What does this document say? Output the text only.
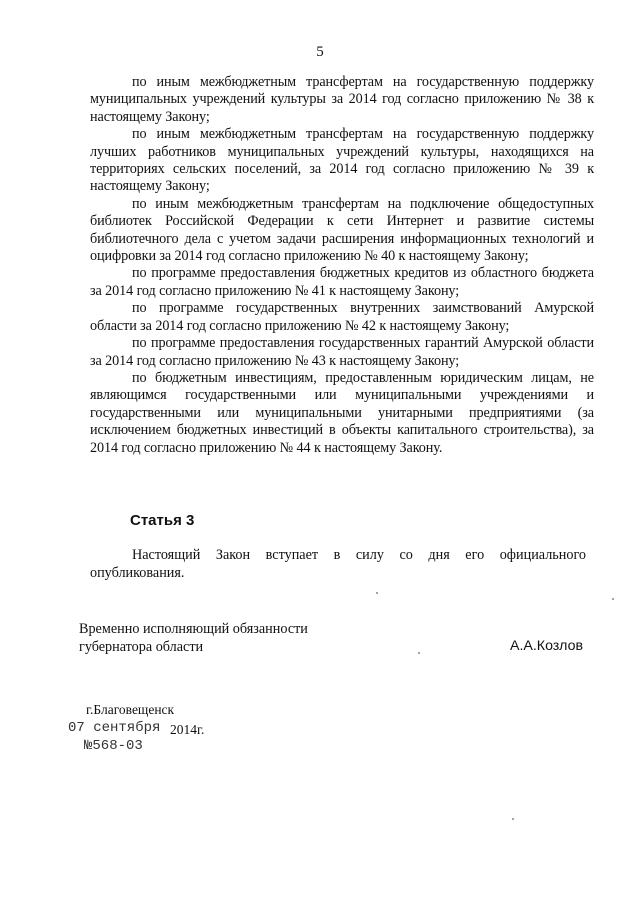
5

по иным межбюджетным трансфертам на государственную поддержку муниципальных учреждений культуры за 2014 год согласно приложению № 38 к настоящему Закону;

по иным межбюджетным трансфертам на государственную поддержку лучших работников муниципальных учреждений культуры, находящихся на территориях сельских поселений, за 2014 год согласно приложению № 39 к настоящему Закону;

по иным межбюджетным трансфертам на подключение общедоступных библиотек Российской Федерации к сети Интернет и развитие системы библиотечного дела с учетом задачи расширения информационных технологий и оцифровки за 2014 год согласно приложению № 40 к настоящему Закону;

по программе предоставления бюджетных кредитов из областного бюджета за 2014 год согласно приложению № 41 к настоящему Закону;

по программе государственных внутренних заимствований Амурской области за 2014 год согласно приложению № 42 к настоящему Закону;

по программе предоставления государственных гарантий Амурской области за 2014 год согласно приложению № 43 к настоящему Закону;

по бюджетным инвестициям, предоставленным юридическим лицам, не являющимся государственными или муниципальными учреждениями и государственными или муниципальными унитарными предприятиями (за исключением бюджетных инвестиций в объекты капитального строительства), за 2014 год согласно приложению № 44 к настоящему Закону.

Статья 3
Настоящий Закон вступает в силу со дня его официального опубликования.
Временно исполняющий обязанности
губернатора области	А.А.Козлов
г.Благовещенск
07 сентября 2014г.
№568-03
